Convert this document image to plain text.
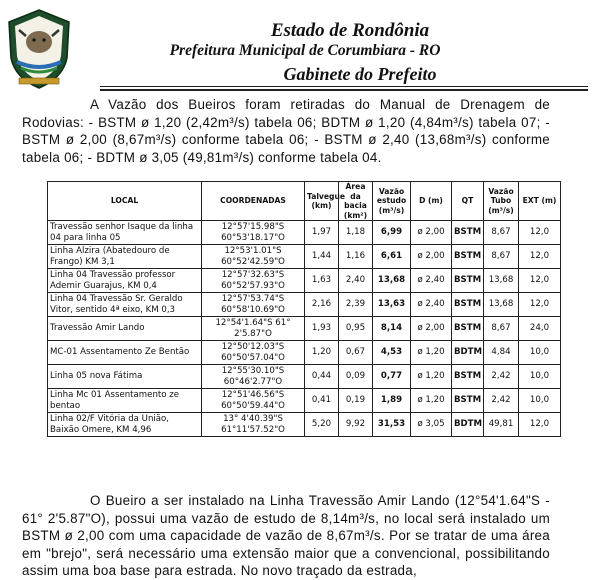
Estado de Rondônia
Prefeitura Municipal de Corumbiara - RO
Gabinete do Prefeito
A Vazão dos Bueiros foram retiradas do Manual de Drenagem de Rodovias: - BSTM ø 1,20 (2,42m³/s) tabela 06; BDTM ø 1,20 (4,84m³/s) tabela 07; - BSTM ø 2,00 (8,67m³/s) conforme tabela 06; - BSTM ø 2,40 (13,68m³/s) conforme tabela 06; - BDTM ø 3,05 (49,81m³/s) conforme tabela 04.
LOCAL	COORDENADAS	Talvegue (km)	Área da bacia (km²)	Vazão estudo (m³/s)	D (m)	QT	Vazão Tubo (m³/s)	EXT (m)
Travessão senhor Isaque da linha 04 para linha 05	12°57'15.98"S 60°53'18.17"O	1,97	1,18	6,99	ø 2,00	BSTM	8,67	12,0
Linha Alzira (Abatedouro de Frango) KM 3,1	12°53'1.01"S 60°52'42.59"O	1,44	1,16	6,61	ø 2,00	BSTM	8,67	12,0
Linha 04 Travessão professor Ademir Guarajus, KM 0,4	12°57'32.63"S 60°52'57.93"O	1,63	2,40	13,68	ø 2,40	BSTM	13,68	12,0
Linha 04 Travessão Sr. Geraldo Vitor, sentido 4ª eixo, KM 0,3	12°57'53.74"S 60°58'10.69"O	2,16	2,39	13,63	ø 2,40	BSTM	13,68	12,0
Travessão Amir Lando	12°54'1.64"S 61° 2'5.87"O	1,93	0,95	8,14	ø 2,00	BSTM	8,67	24,0
MC-01 Assentamento Ze Bentão	12°50'12.03"S 60°50'57.04"O	1,20	0,67	4,53	ø 1,20	BDTM	4,84	10,0
Linha 05 nova Fátima	12°55'30.10"S 60°46'2.77"O	0,44	0,09	0,77	ø 1,20	BSTM	2,42	10,0
Linha Mc 01 Assentamento ze bentao	12°51'46.56"S 60°50'59.44"O	0,41	0,19	1,89	ø 1,20	BSTM	2,42	10,0
Linha 02/F Vitória da União, Baixão Omere, KM 4,96	13° 4'40.39"S 61°11'57.52"O	5,20	9,92	31,53	ø 3,05	BDTM	49,81	12,0
O Bueiro a ser instalado na Linha Travessão Amir Lando (12°54'1.64"S - 61° 2'5.87"O), possui uma vazão de estudo de 8,14m³/s, no local será instalado um BSTM ø 2,00 com uma capacidade de vazão de 8,67m³/s. Por se tratar de uma área em "brejo", será necessário uma extensão maior que a convencional, possibilitando assim uma boa base para estrada. No novo traçado da estrada,
